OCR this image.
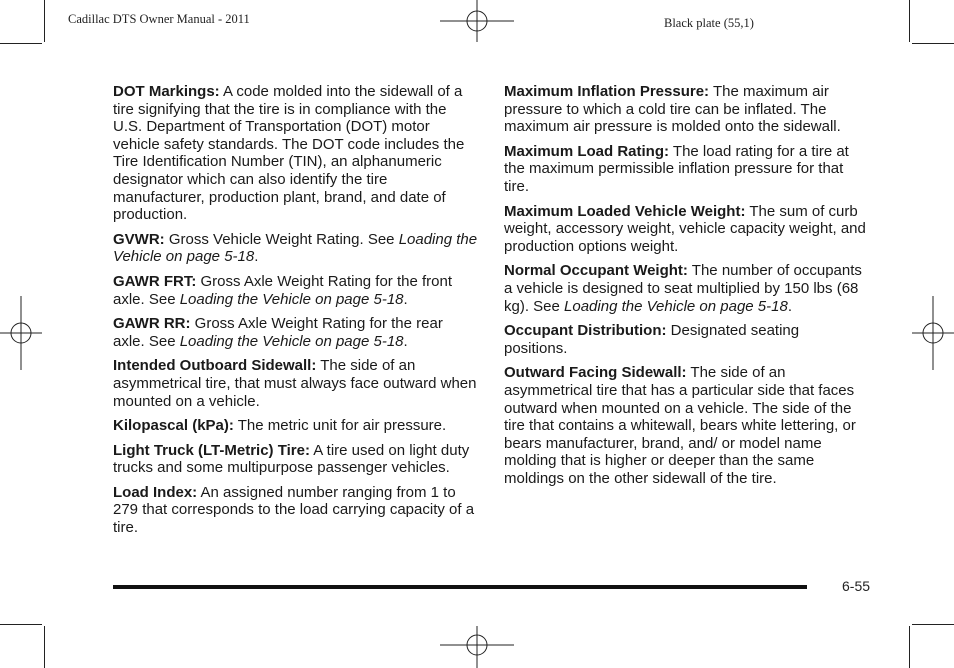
Cadillac DTS Owner Manual - 2011	Black plate (55,1)

DOT Markings: A code molded into the sidewall of a tire signifying that the tire is in compliance with the U.S. Department of Transportation (DOT) motor vehicle safety standards. The DOT code includes the Tire Identification Number (TIN), an alphanumeric designator which can also identify the tire manufacturer, production plant, brand, and date of production.

GVWR: Gross Vehicle Weight Rating. See Loading the Vehicle on page 5-18.

GAWR FRT: Gross Axle Weight Rating for the front axle. See Loading the Vehicle on page 5-18.

GAWR RR: Gross Axle Weight Rating for the rear axle. See Loading the Vehicle on page 5-18.

Intended Outboard Sidewall: The side of an asymmetrical tire, that must always face outward when mounted on a vehicle.

Kilopascal (kPa): The metric unit for air pressure.

Light Truck (LT-Metric) Tire: A tire used on light duty trucks and some multipurpose passenger vehicles.

Load Index: An assigned number ranging from 1 to 279 that corresponds to the load carrying capacity of a tire.

Maximum Inflation Pressure: The maximum air pressure to which a cold tire can be inflated. The maximum air pressure is molded onto the sidewall.

Maximum Load Rating: The load rating for a tire at the maximum permissible inflation pressure for that tire.

Maximum Loaded Vehicle Weight: The sum of curb weight, accessory weight, vehicle capacity weight, and production options weight.

Normal Occupant Weight: The number of occupants a vehicle is designed to seat multiplied by 150 lbs (68 kg). See Loading the Vehicle on page 5-18.

Occupant Distribution: Designated seating positions.

Outward Facing Sidewall: The side of an asymmetrical tire that has a particular side that faces outward when mounted on a vehicle. The side of the tire that contains a whitewall, bears white lettering, or bears manufacturer, brand, and/ or model name molding that is higher or deeper than the same moldings on the other sidewall of the tire.

6-55
